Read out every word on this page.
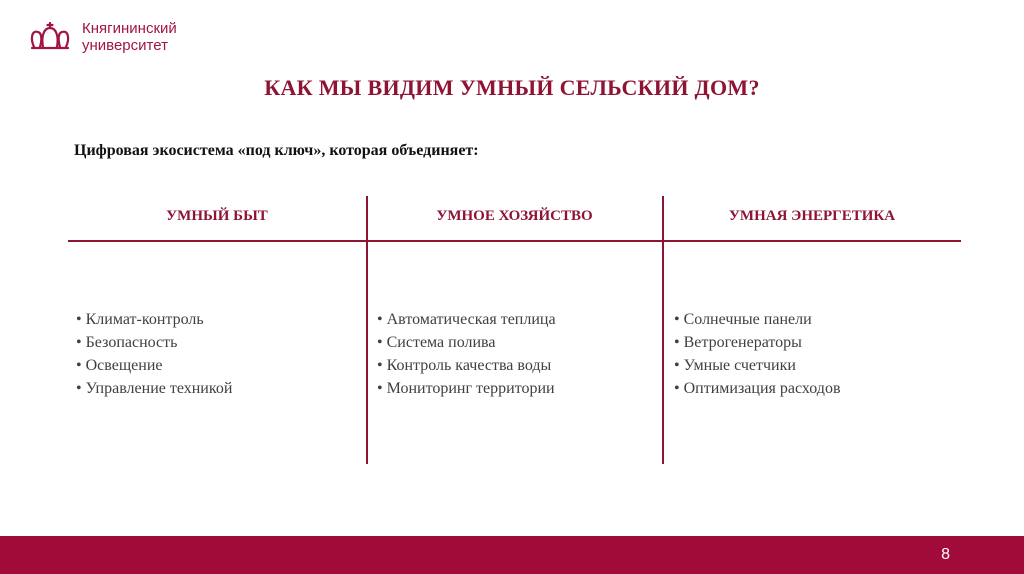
Княгининский
университет
КАК МЫ ВИДИМ УМНЫЙ СЕЛЬСКИЙ ДОМ?
Цифровая экосистема «под ключ», которая объединяет:
УМНЫЙ БЫТ	УМНОЕ ХОЗЯЙСТВО	УМНАЯ ЭНЕРГЕТИКА
• Климат-контроль
• Безопасность
• Освещение
• Управление техникой
• Автоматическая теплица
• Система полива
• Контроль качества воды
• Мониторинг территории
• Солнечные панели
• Ветрогенераторы
• Умные счетчики
• Оптимизация расходов
8
